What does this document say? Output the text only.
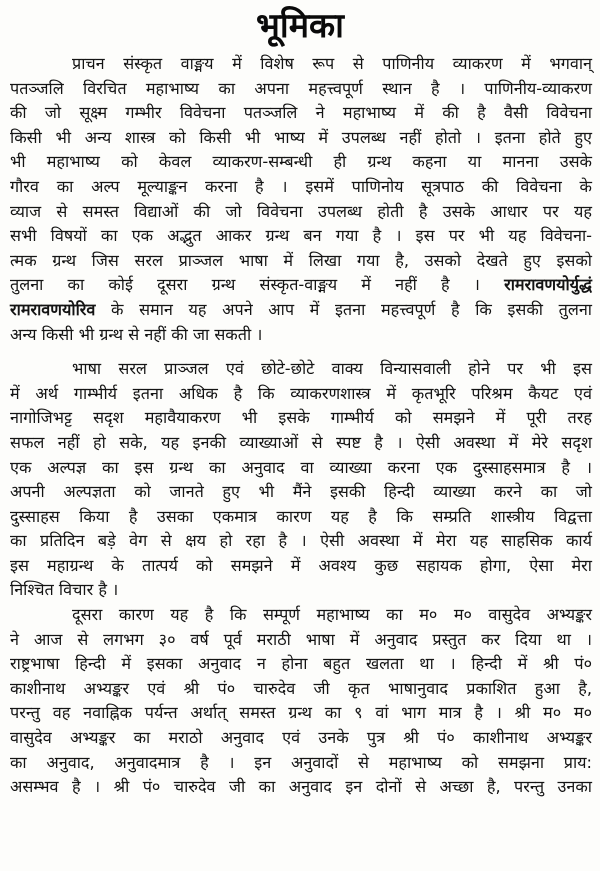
भूमिका
प्राचन संस्कृत वाङ्मय में विशेष रूप से पाणिनीय व्याकरण में भगवान्
पतञ्जलि विरचित महाभाष्य का अपना महत्त्वपूर्ण स्थान है । पाणिनीय-व्याकरण
की जो सूक्ष्म गम्भीर विवेचना पतञ्जलि ने महाभाष्य में की है वैसी विवेचना
किसी भी अन्य शास्त्र को किसी भी भाष्य में उपलब्ध नहीं होतो । इतना होते हुए
भी महाभाष्य को केवल व्याकरण-सम्बन्धी ही ग्रन्थ कहना या मानना उसके
गौरव का अल्प मूल्याङ्कन करना है । इसमें पाणिनोय सूत्रपाठ की विवेचना के
व्याज से समस्त विद्याओं की जो विवेचना उपलब्ध होती है उसके आधार पर यह
सभी विषयों का एक अद्भुत आकर ग्रन्थ बन गया है । इस पर भी यह विवेचना-
त्मक ग्रन्थ जिस सरल प्राञ्जल भाषा में लिखा गया है, उसको देखते हुए इसको
तुलना का कोई दूसरा ग्रन्थ संस्कृत-वाङ्मय में नहीं है । रामरावणयोर्युद्धं
रामरावणयोरिव के समान यह अपने आप में इतना महत्त्वपूर्ण है कि इसकी तुलना
अन्य किसी भी ग्रन्थ से नहीं की जा सकती ।
भाषा सरल प्राञ्जल एवं छोटे-छोटे वाक्य विन्यासवाली होने पर भी इस
में अर्थ गाम्भीर्य इतना अधिक है कि व्याकरणशास्त्र में कृतभूरि परिश्रम कैयट एवं
नागोजिभट्ट सदृश महावैयाकरण भी इसके गाम्भीर्य को समझने में पूरी तरह
सफल नहीं हो सके, यह इनकी व्याख्याओं से स्पष्ट है । ऐसी अवस्था में मेरे सदृश
एक अल्पज्ञ का इस ग्रन्थ का अनुवाद वा व्याख्या करना एक दुस्साहसमात्र है ।
अपनी अल्पज्ञता को जानते हुए भी मैंने इसकी हिन्दी व्याख्या करने का जो
दुस्साहस किया है उसका एकमात्र कारण यह है कि सम्प्रति शास्त्रीय विद्वत्ता
का प्रतिदिन बड़े वेग से क्षय हो रहा है । ऐसी अवस्था में मेरा यह साहसिक कार्य
इस महाग्रन्थ के तात्पर्य को समझने में अवश्य कुछ सहायक होगा, ऐसा मेरा
निश्चित विचार है ।
दूसरा कारण यह है कि सम्पूर्ण महाभाष्य का म० म० वासुदेव अभ्यङ्कर
ने आज से लगभग ३० वर्ष पूर्व मराठी भाषा में अनुवाद प्रस्तुत कर दिया था ।
राष्ट्रभाषा हिन्दी में इसका अनुवाद न होना बहुत खलता था । हिन्दी में श्री पं०
काशीनाथ अभ्यङ्कर एवं श्री पं० चारुदेव जी कृत भाषानुवाद प्रकाशित हुआ है,
परन्तु वह नवाह्निक पर्यन्त अर्थात् समस्त ग्रन्थ का ९ वां भाग मात्र है । श्री म० म०
वासुदेव अभ्यङ्कर का मराठो अनुवाद एवं उनके पुत्र श्री पं० काशीनाथ अभ्यङ्कर
का अनुवाद, अनुवादमात्र है । इन अनुवादों से महाभाष्य को समझना प्राय:
असम्भव है । श्री पं० चारुदेव जी का अनुवाद इन दोनों से अच्छा है, परन्तु उनका
